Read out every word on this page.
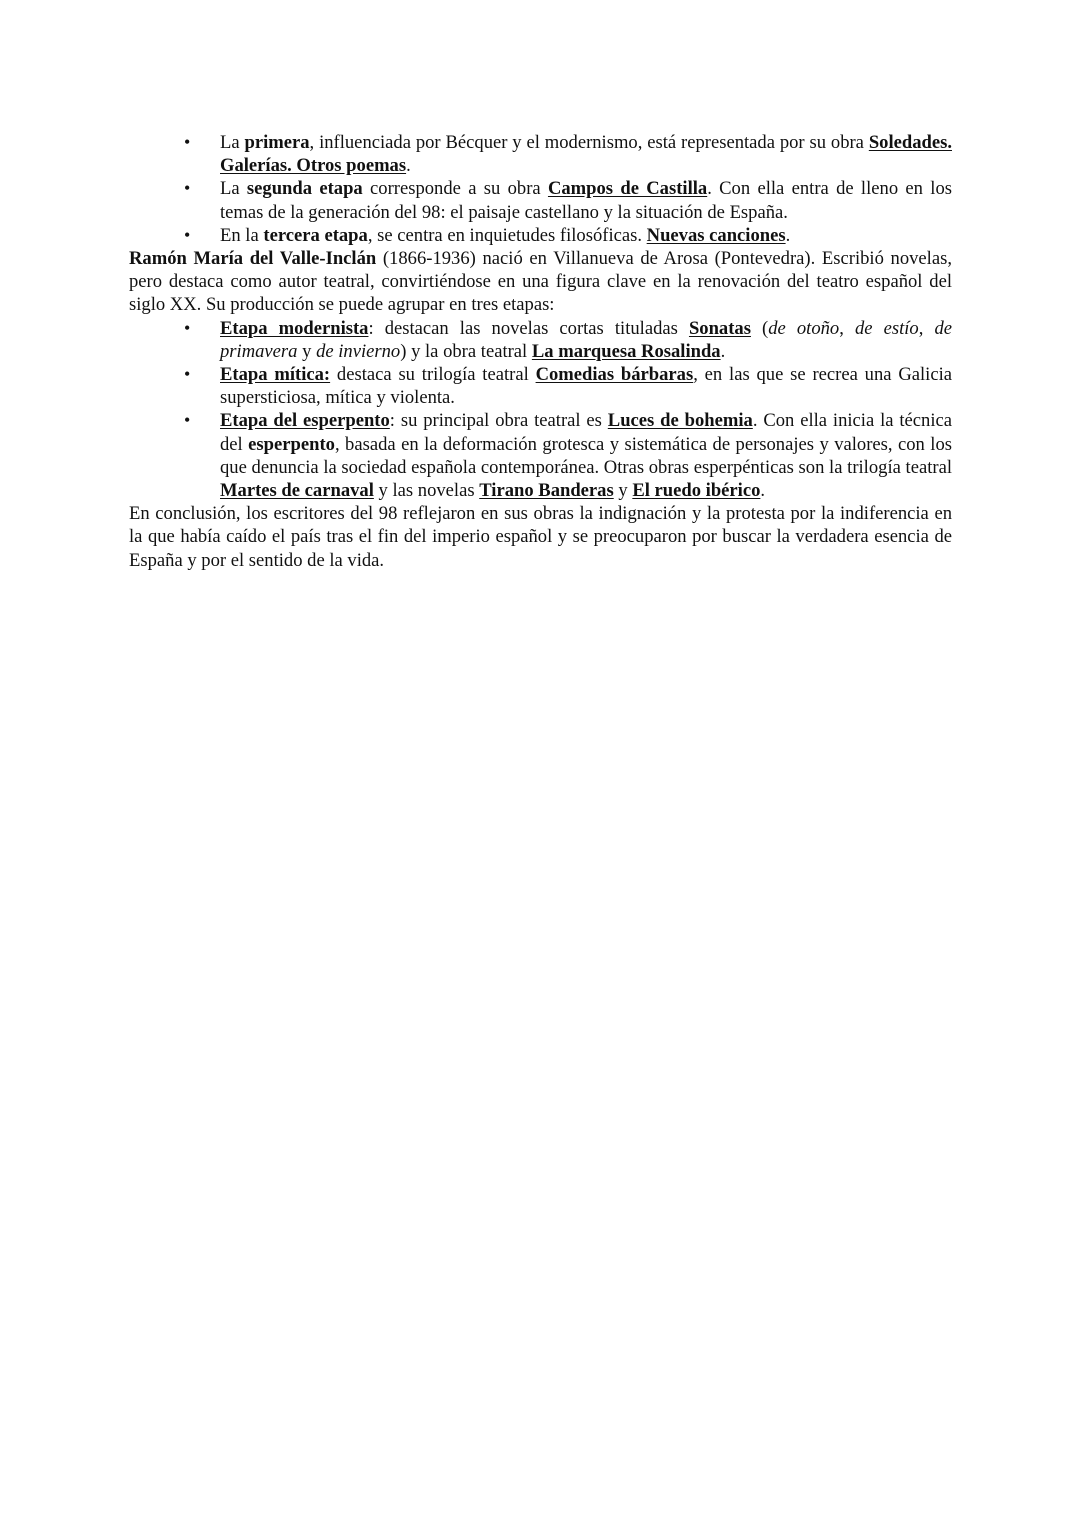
• La primera, influenciada por Bécquer y el modernismo, está representada por su obra Soledades. Galerías. Otros poemas.
• La segunda etapa corresponde a su obra Campos de Castilla. Con ella entra de lleno en los temas de la generación del 98: el paisaje castellano y la situación de España.
• En la tercera etapa, se centra en inquietudes filosóficas. Nuevas canciones.

Ramón María del Valle-Inclán (1866-1936) nació en Villanueva de Arosa (Pontevedra). Escribió novelas, pero destaca como autor teatral, convirtiéndose en una figura clave en la renovación del teatro español del siglo XX. Su producción se puede agrupar en tres etapas:

• Etapa modernista: destacan las novelas cortas tituladas Sonatas (de otoño, de estío, de primavera y de invierno) y la obra teatral La marquesa Rosalinda.
• Etapa mítica: destaca su trilogía teatral Comedias bárbaras, en las que se recrea una Galicia supersticiosa, mítica y violenta.
• Etapa del esperpento: su principal obra teatral es Luces de bohemia. Con ella inicia la técnica del esperpento, basada en la deformación grotesca y sistemática de personajes y valores, con los que denuncia la sociedad española contemporánea. Otras obras esperpénticas son la trilogía teatral Martes de carnaval y las novelas Tirano Banderas y El ruedo ibérico.

En conclusión, los escritores del 98 reflejaron en sus obras la indignación y la protesta por la indiferencia en la que había caído el país tras el fin del imperio español y se preocuparon por buscar la verdadera esencia de España y por el sentido de la vida.
